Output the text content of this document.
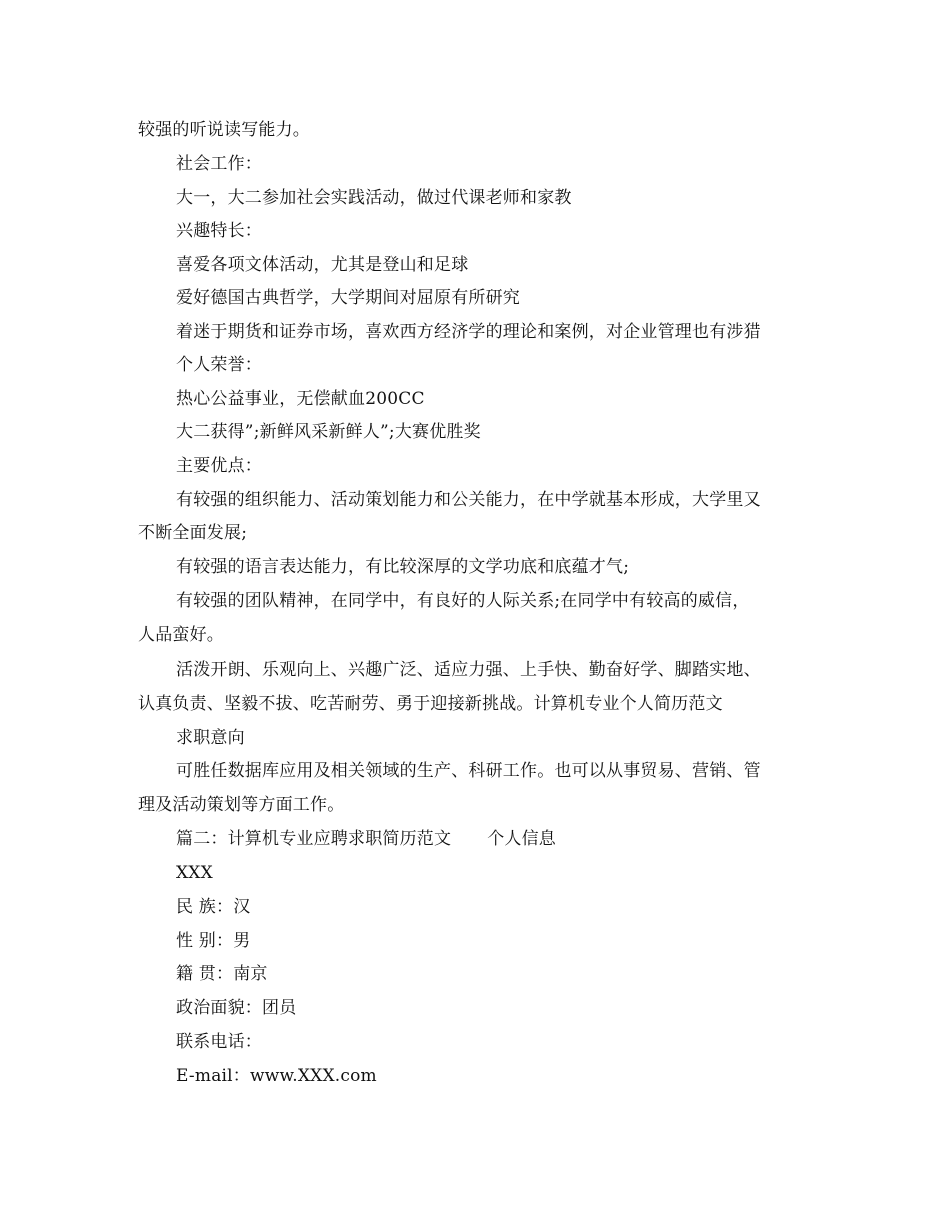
较强的听说读写能力。
社会工作：
大一，大二参加社会实践活动，做过代课老师和家教
兴趣特长：
喜爱各项文体活动，尤其是登山和足球
爱好德国古典哲学，大学期间对屈原有所研究
着迷于期货和证券市场，喜欢西方经济学的理论和案例，对企业管理也有涉猎
个人荣誉：
热心公益事业，无偿献血200CC
大二获得”;新鲜风采新鲜人”;大赛优胜奖
主要优点：
有较强的组织能力、活动策划能力和公关能力，在中学就基本形成，大学里又
不断全面发展;
有较强的语言表达能力，有比较深厚的文学功底和底蕴才气;
有较强的团队精神，在同学中，有良好的人际关系;在同学中有较高的威信，
人品蛮好。
活泼开朗、乐观向上、兴趣广泛、适应力强、上手快、勤奋好学、脚踏实地、
认真负责、坚毅不拔、吃苦耐劳、勇于迎接新挑战。计算机专业个人简历范文
求职意向
可胜任数据库应用及相关领域的生产、科研工作。也可以从事贸易、营销、管
理及活动策划等方面工作。
篇二：计算机专业应聘求职简历范文 个人信息
XXX
民 族：汉
性 别：男
籍 贯：南京
政治面貌：团员
联系电话：
E-mail：www.XXX.com
